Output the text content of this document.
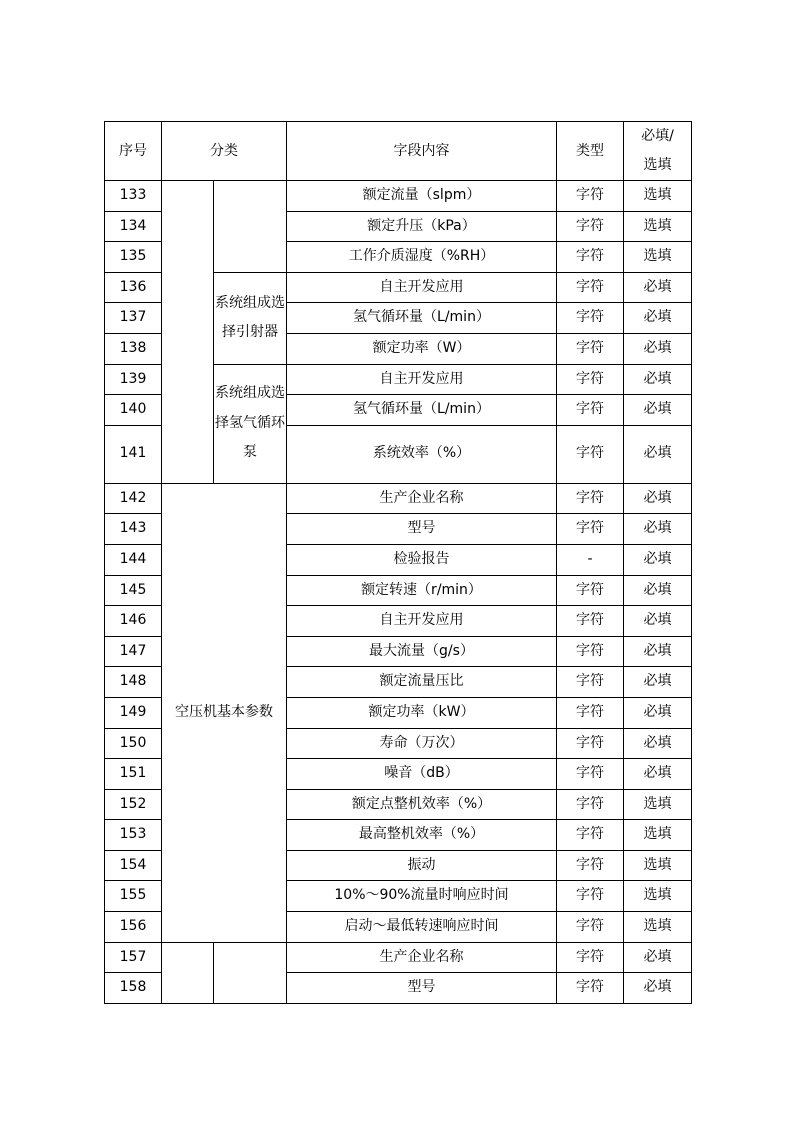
序号	分类		字段内容	类型	必填/选填
133			额定流量（slpm）	字符	选填
134			额定升压（kPa）	字符	选填
135			工作介质湿度（%RH）	字符	选填
136		系统组成选择引射器	自主开发应用	字符	必填
137			氢气循环量（L/min）	字符	必填
138			额定功率（W）	字符	必填
139		系统组成选择氢气循环泵	自主开发应用	字符	必填
140			氢气循环量（L/min）	字符	必填
141			系统效率（%）	字符	必填
142	空压机基本参数		生产企业名称	字符	必填
143			型号	字符	必填
144			检验报告	-	必填
145			额定转速（r/min）	字符	必填
146			自主开发应用	字符	必填
147			最大流量（g/s）	字符	必填
148			额定流量压比	字符	必填
149			额定功率（kW）	字符	必填
150			寿命（万次）	字符	必填
151			噪音（dB）	字符	必填
152			额定点整机效率（%）	字符	选填
153			最高整机效率（%）	字符	选填
154			振动	字符	选填
155			10%～90%流量时响应时间	字符	选填
156			启动～最低转速响应时间	字符	选填
157			生产企业名称	字符	必填
158			型号	字符	必填
